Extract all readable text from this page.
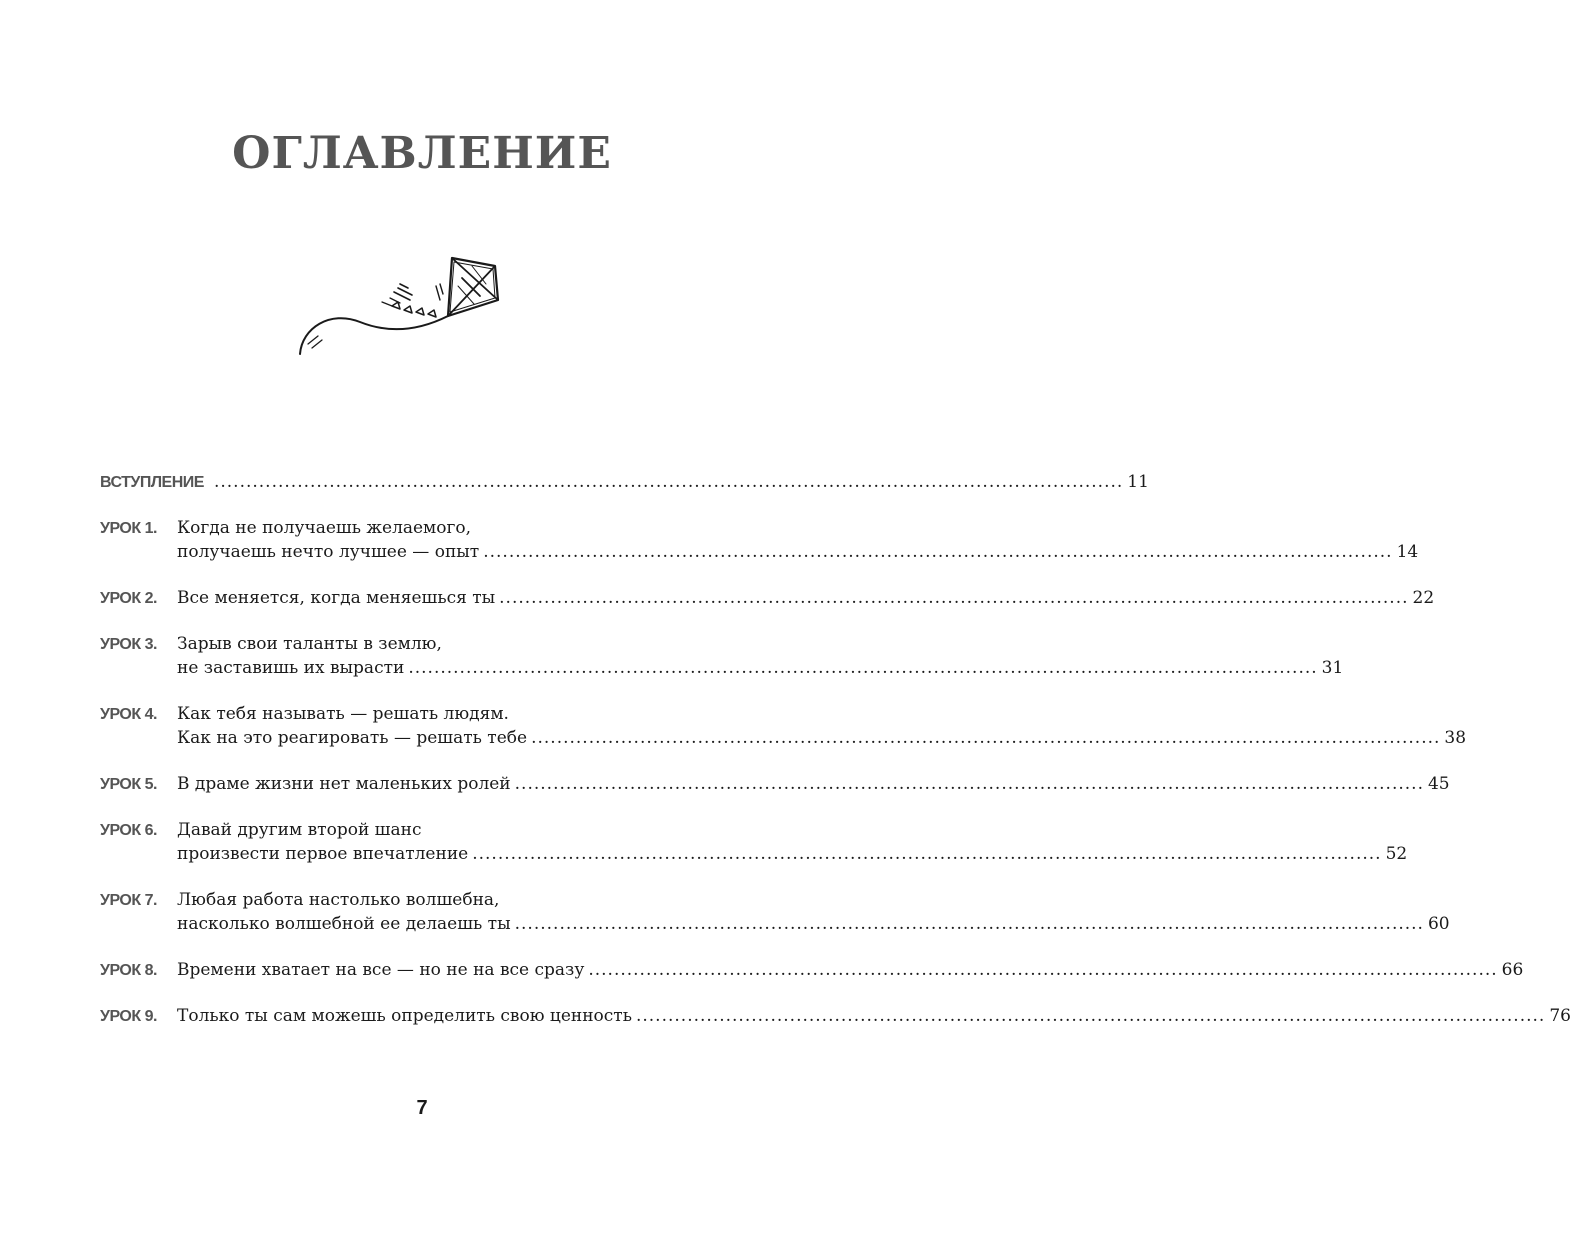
ОГЛАВЛЕНИЕ
ВСТУПЛЕНИЕ .............................................................................................................................................. 11
УРОК 1.	Когда не получаешь желаемого,
получаешь нечто лучшее — опыт .............................................................................................................................................. 14
УРОК 2.	Все меняется, когда меняешься ты .............................................................................................................................................. 22
УРОК 3.	Зарыв свои таланты в землю,
не заставишь их вырасти .............................................................................................................................................. 31
УРОК 4.	Как тебя называть — решать людям.
Как на это реагировать — решать тебе .............................................................................................................................................. 38
УРОК 5.	В драме жизни нет маленьких ролей .............................................................................................................................................. 45
УРОК 6.	Давай другим второй шанс
произвести первое впечатление .............................................................................................................................................. 52
УРОК 7.	Любая работа настолько волшебна,
насколько волшебной ее делаешь ты .............................................................................................................................................. 60
УРОК 8.	Времени хватает на все — но не на все сразу .............................................................................................................................................. 66
УРОК 9.	Только ты сам можешь определить свою ценность .............................................................................................................................................. 76
7
